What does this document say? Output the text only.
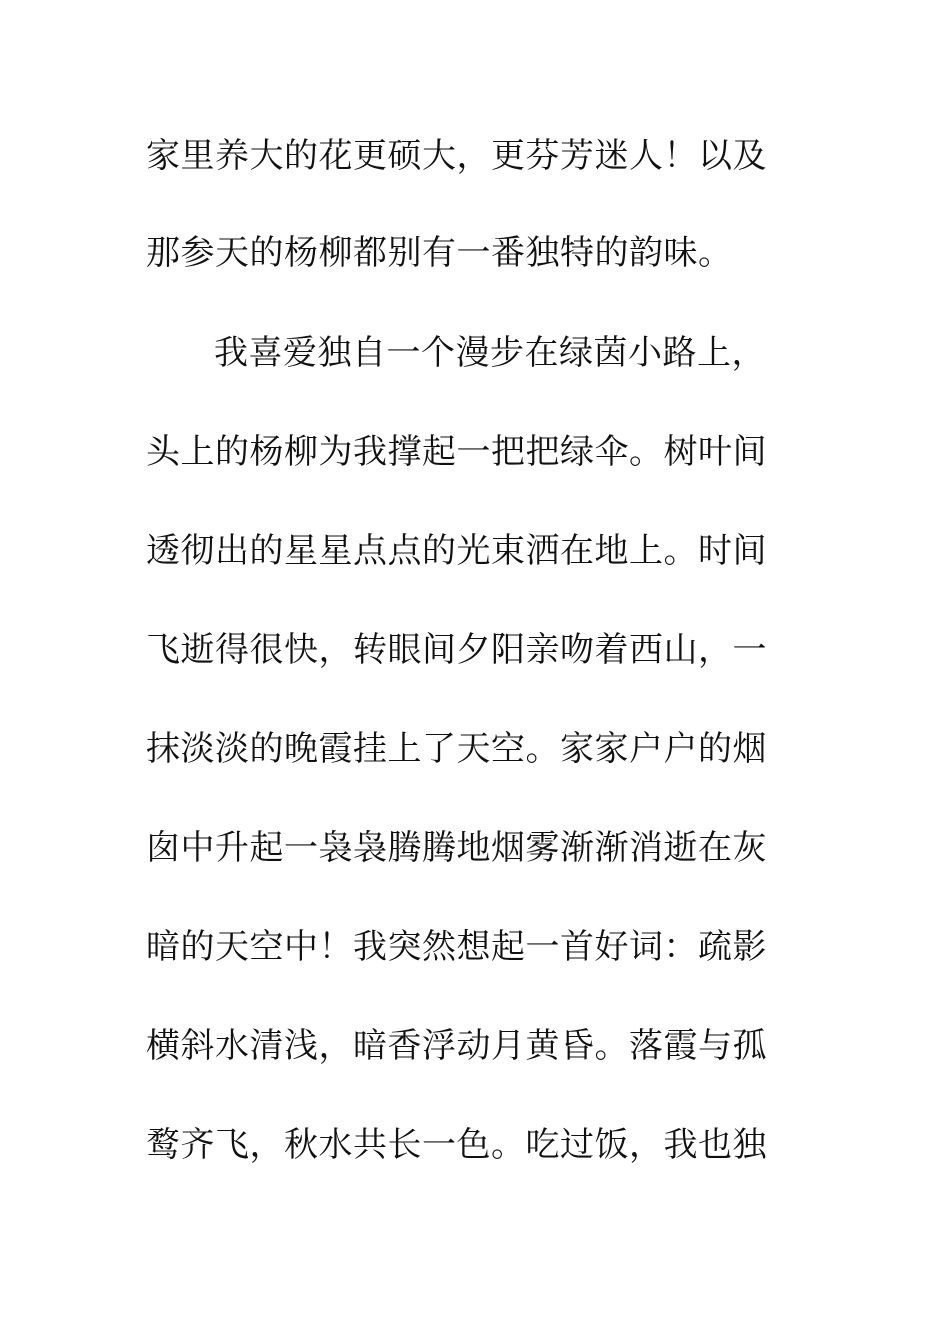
家里养大的花更硕大，更芬芳迷人！以及
那参天的杨柳都别有一番独特的韵味。
我喜爱独自一个漫步在绿茵小路上，
头上的杨柳为我撑起一把把绿伞。树叶间
透彻出的星星点点的光束洒在地上。时间
飞逝得很快，转眼间夕阳亲吻着西山，一
抹淡淡的晚霞挂上了天空。家家户户的烟
囱中升起一袅袅腾腾地烟雾渐渐消逝在灰
暗的天空中！我突然想起一首好词：疏影
横斜水清浅，暗香浮动月黄昏。落霞与孤
鹜齐飞，秋水共长一色。吃过饭，我也独
